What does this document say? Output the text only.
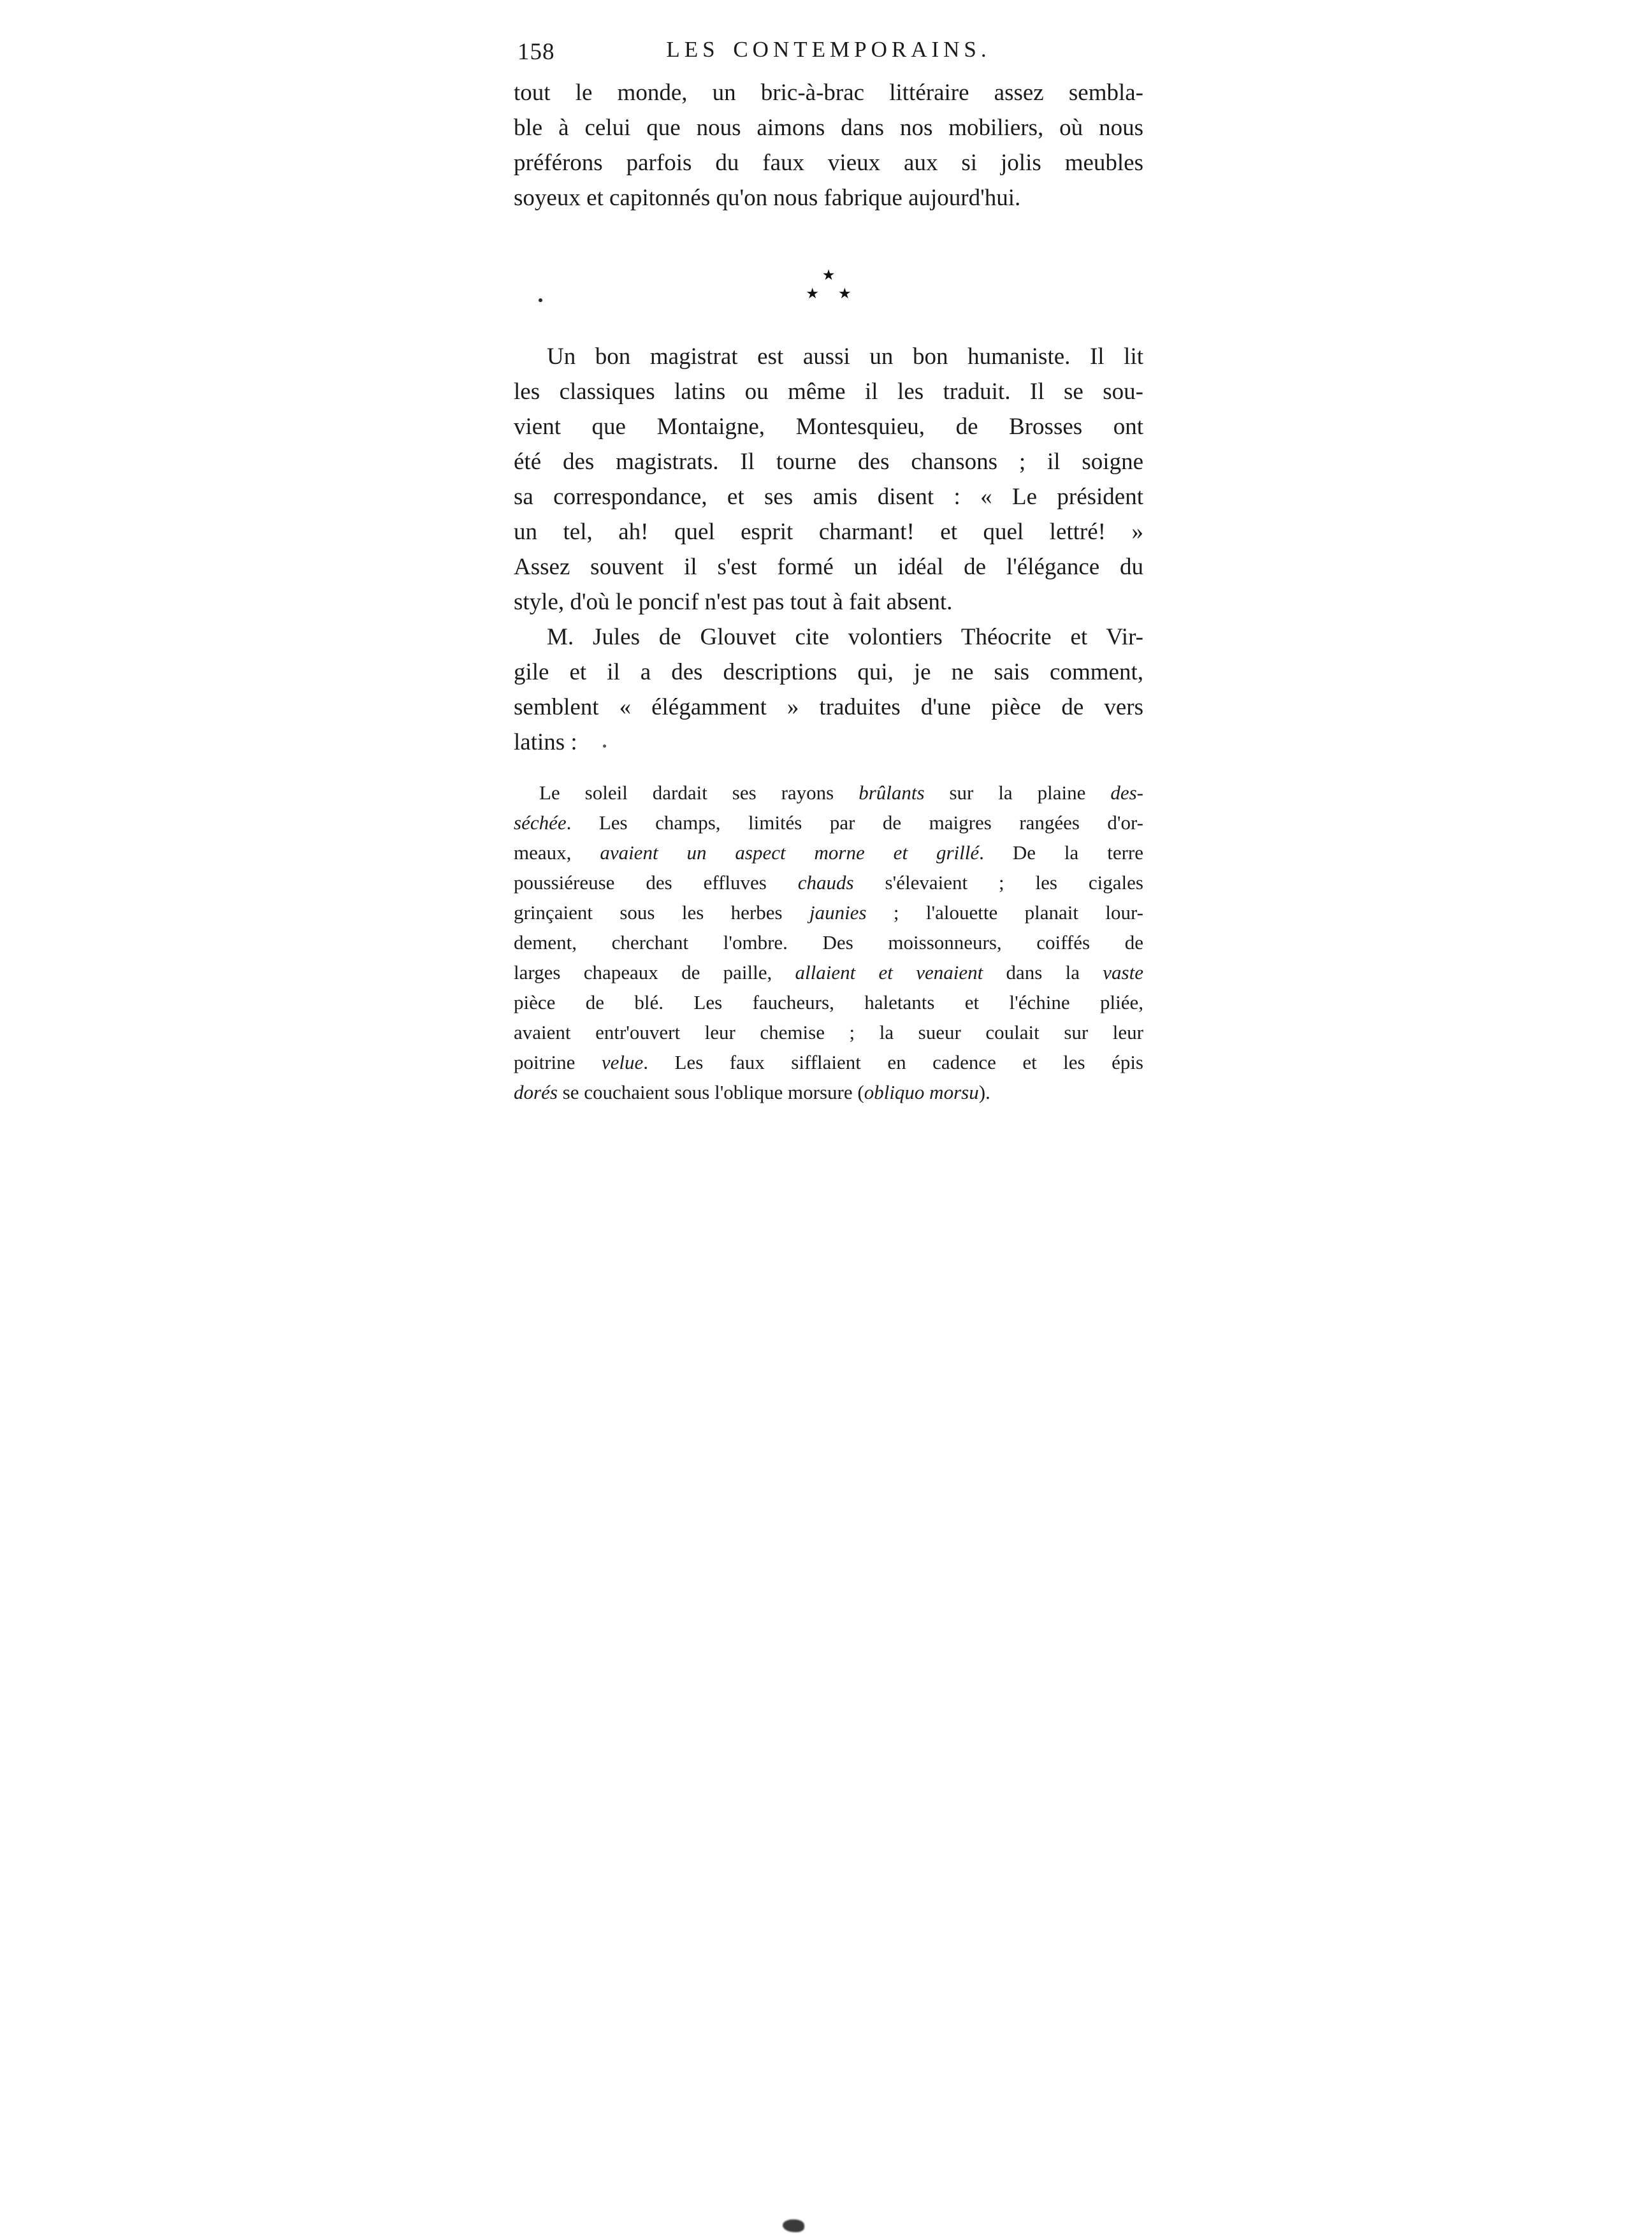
158	LES CONTEMPORAINS.
tout le monde, un bric-à-brac littéraire assez sembla-
ble à celui que nous aimons dans nos mobiliers, où nous
préférons parfois du faux vieux aux si jolis meubles
soyeux et capitonnés qu'on nous fabrique aujourd'hui.
★
★★
Un bon magistrat est aussi un bon humaniste. Il lit
les classiques latins ou même il les traduit. Il se sou-
vient que Montaigne, Montesquieu, de Brosses ont
été des magistrats. Il tourne des chansons ; il soigne
sa correspondance, et ses amis disent : « Le président
un tel, ah! quel esprit charmant! et quel lettré! »
Assez souvent il s'est formé un idéal de l'élégance du
style, d'où le poncif n'est pas tout à fait absent.
M. Jules de Glouvet cite volontiers Théocrite et Vir-
gile et il a des descriptions qui, je ne sais comment,
semblent « élégamment » traduites d'une pièce de vers
latins :
Le soleil dardait ses rayons brûlants sur la plaine des-
séchée. Les champs, limités par de maigres rangées d'or-
meaux, avaient un aspect morne et grillé. De la terre
poussiéreuse des effluves chauds s'élevaient ; les cigales
grinçaient sous les herbes jaunies ; l'alouette planait lour-
dement, cherchant l'ombre. Des moissonneurs, coiffés de
larges chapeaux de paille, allaient et venaient dans la vaste
pièce de blé. Les faucheurs, haletants et l'échine pliée,
avaient entr'ouvert leur chemise ; la sueur coulait sur leur
poitrine velue. Les faux sifflaient en cadence et les épis
dorés se couchaient sous l'oblique morsure (obliquo morsu).
